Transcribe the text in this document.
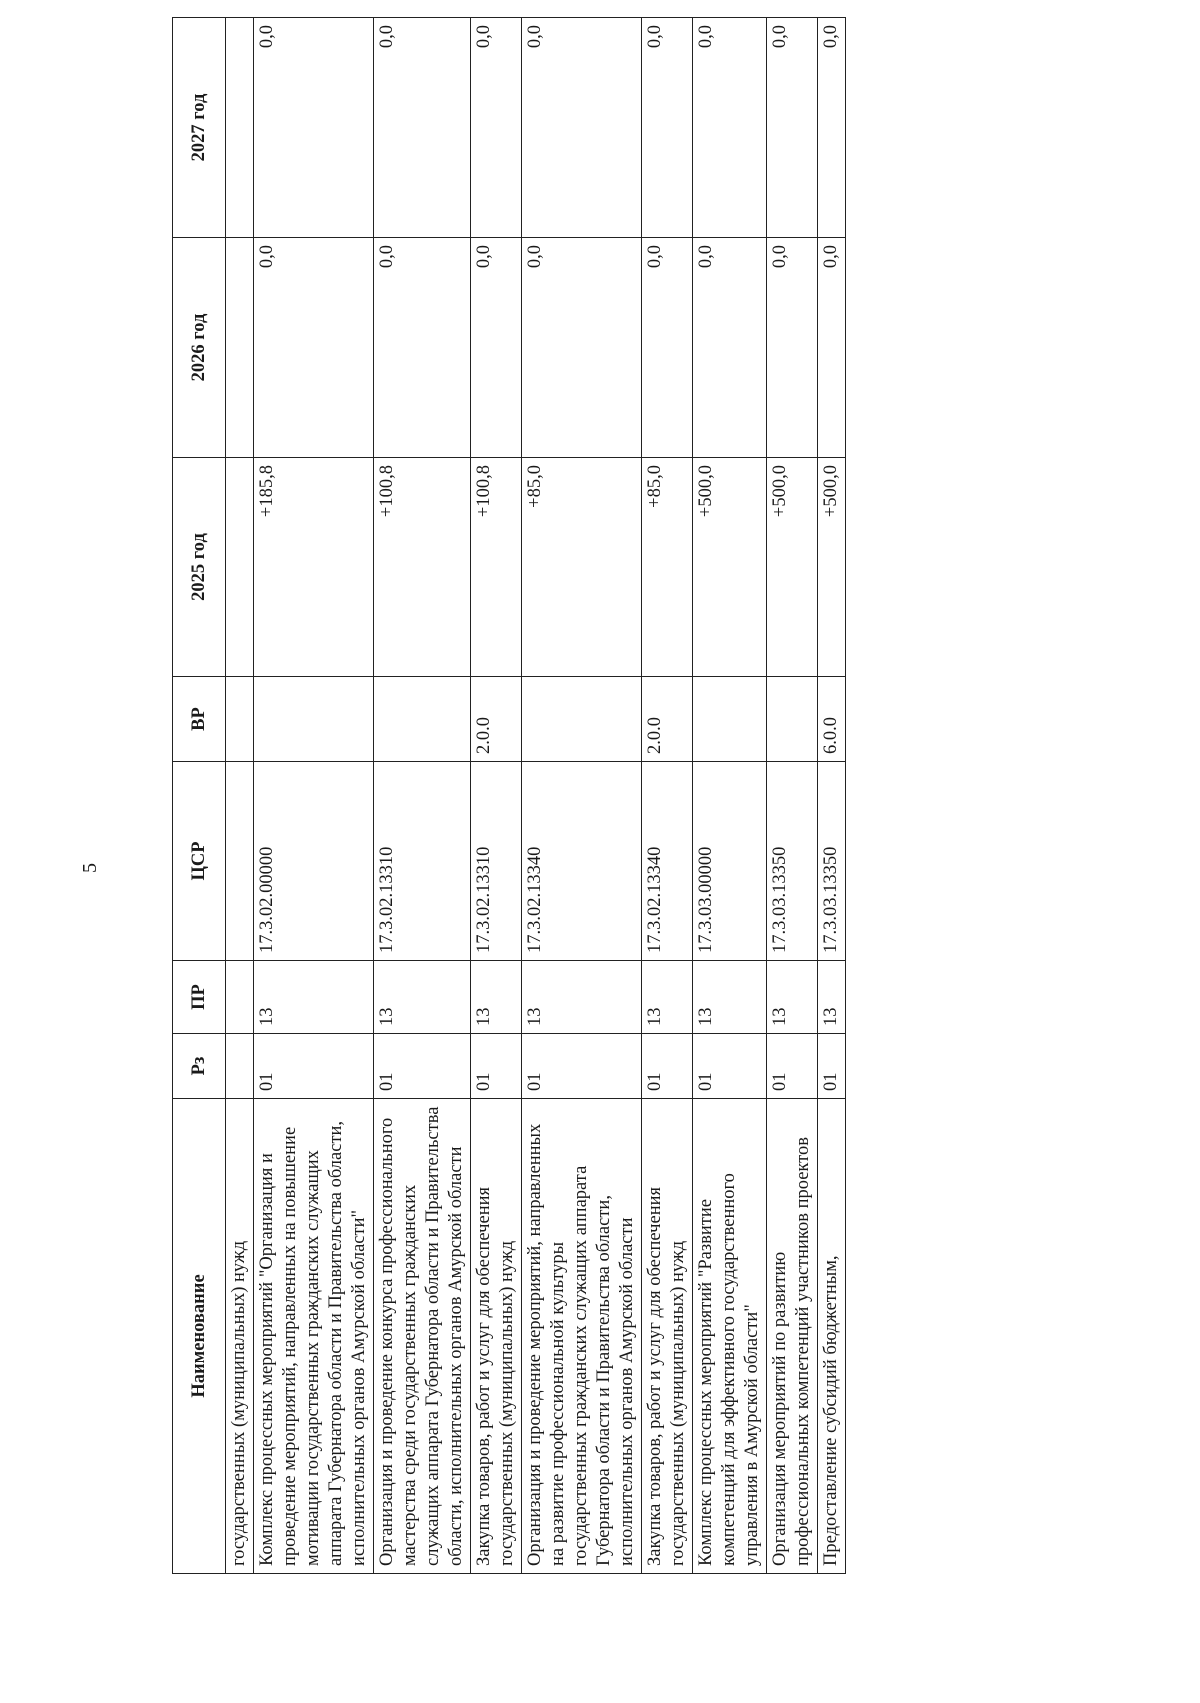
5
Наименование	Рз	ПР	ЦСР	ВР	2025 год	2026 год	2027 год
государственных (муниципальных) нужд							
Комплекс процессных мероприятий "Организация и проведение мероприятий, направленных на повышение мотивации государственных гражданских служащих аппарата Губернатора области и Правительства области, исполнительных органов Амурской области"	01	13	17.3.02.00000		+185,8	0,0	0,0
Организация и проведение конкурса профессионального мастерства среди государственных гражданских служащих аппарата Губернатора области и Правительства области, исполнительных органов Амурской области	01	13	17.3.02.13310		+100,8	0,0	0,0
Закупка товаров, работ и услуг для обеспечения государственных (муниципальных) нужд	01	13	17.3.02.13310	2.0.0	+100,8	0,0	0,0
Организация и проведение мероприятий, направленных на развитие профессиональной культуры государственных гражданских служащих аппарата Губернатора области и Правительства области, исполнительных органов Амурской области	01	13	17.3.02.13340		+85,0	0,0	0,0
Закупка товаров, работ и услуг для обеспечения государственных (муниципальных) нужд	01	13	17.3.02.13340	2.0.0	+85,0	0,0	0,0
Комплекс процессных мероприятий "Развитие компетенций для эффективного государственного управления в Амурской области"	01	13	17.3.03.00000		+500,0	0,0	0,0
Организация мероприятий по развитию профессиональных компетенций участников проектов	01	13	17.3.03.13350		+500,0	0,0	0,0
Предоставление субсидий бюджетным,	01	13	17.3.03.13350	6.0.0	+500,0	0,0	0,0
